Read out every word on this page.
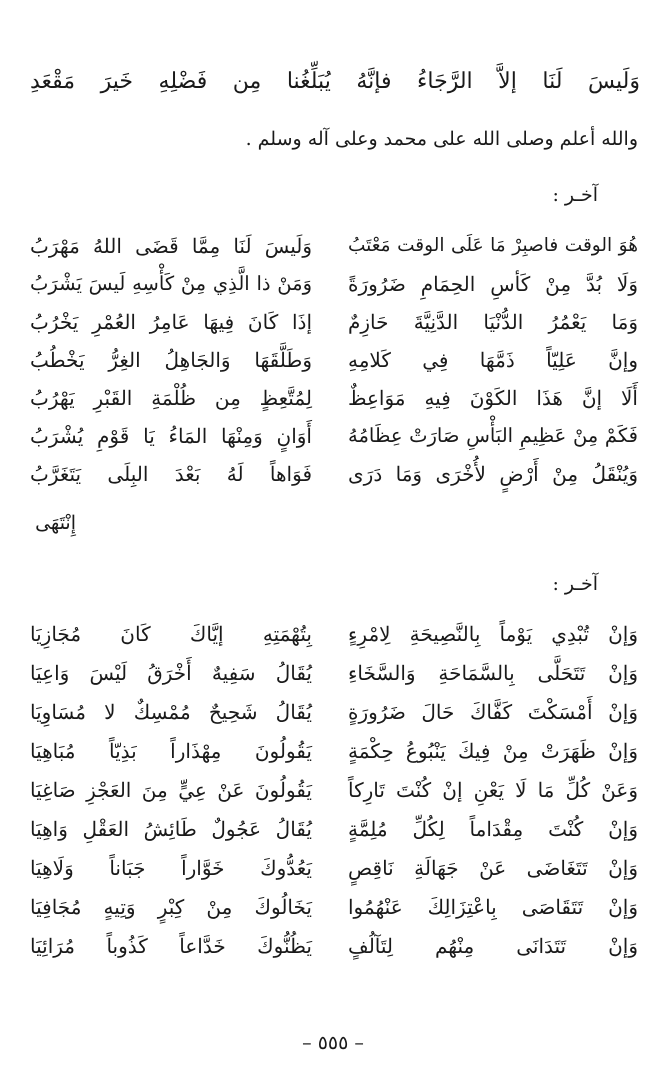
وَلَيسَ لَنَا إلاَّ الرَّجَاءُ فإنَّهُ يُبَلِّغُنا مِن فَضْلِهِ خَيرَ مَقْعَدِ
والله أعلم وصلى الله على محمد وعلى آله وسلم .
آخـر :
هُوَ الوقت فاصبِرْ مَا عَلَى الوقت مَعْتَبُ
وَلَيسَ لَنَا مِمَّا قَضَى اللهُ مَهْرَبُ
وَلَا بُدَّ مِنْ كَأسِ الحِمَامِ ضَرُورَةً
وَمَنْ ذا الَّذِي مِنْ كَأْسِهِ لَيسَ يَشْرَبُ
وَمَا يَعْمُرُ الدُّنْيَا الدَّنِيَّةَ حَازِمٌ
إذَا كَانَ فِيهَا عَامِرُ العُمْرِ يَخْرُبُ
وإنَّ عَلِيّاً ذَمَّهَا فِي كَلامِهِ
وَطَلَّقَهَا وَالجَاهِلُ الغِرُّ يَخْطُبُ
أَلَا إنَّ هَذَا الكَوْنَ فِيهِ مَوَاعِظٌ
لِمُتَّعِظٍ مِن ظُلْمَةِ القَبْرِ يَهْرُبُ
فَكَمْ مِنْ عَظِيمِ البَأْسِ صَارَتْ عِظَامُهُ
أَوَانٍ وَمِنْهَا المَاءُ يَا قَوْمِ يُشْرَبُ
وَيُنْقَلُ مِنْ أَرْضٍ لأُخْرَى وَمَا دَرَى
فَوَاهاً لَهُ بَعْدَ البِلَى يَتَغَرَّبُ
إِنْتَهَى
آخـر :
وَإنْ تُبْدِي يَوْماً بِالنَّصِيحَةِ لِامْرِءٍ
بِتُهْمَتِهِ إيَّاكَ كَانَ مُجَازِيَا
وَإنْ تَتَحَلَّى بِالسَّمَاحَةِ وَالسَّخَاءِ
يُقَالُ سَفِيهٌ أَخْرَقُ لَيْسَ وَاعِيَا
وَإنْ أَمْسَكْتَ كَفَّاكَ حَالَ ضَرُورَةٍ
يُقَالُ شَحِيحٌ مُمْسِكٌ لا مُسَاوِيَا
وَإنْ ظَهَرَتْ مِنْ فِيكَ يَنْبُوعُ حِكْمَةٍ
يَقُولُونَ مِهْذَاراً بَذِيّاً مُبَاهِيَا
وَعَنْ كُلِّ مَا لَا يَعْنِ إنْ كُنْتَ تَارِكاً
يَقُولُونَ عَنْ عِيٍّ مِنَ العَجْزِ صَاغِيَا
وَإنْ كُنْتَ مِقْدَاماً لِكُلِّ مُلِمَّةٍ
يُقَالُ عَجُولٌ طَائِشُ العَقْلِ وَاهِيَا
وَإنْ تَتَغَاضَى عَنْ جَهَالَةِ نَاقِصٍ
يَعُدُّوكَ خَوَّاراً جَبَاناً وَلَاهِيَا
وَإنْ تَتَقَاصَى بِاعْتِزَالِكَ عَنْهُمُوا
يَخَالُوكَ مِنْ كِبْرٍ وَتِيهٍ مُجَافِيَا
وَإنْ تَتَدَانَى مِنْهُم لِتَآلُفٍ
يَظُنُّوكَ خَدَّاعاً كَذُوباً مُرَائِيَا
– ٥٥٥ –
